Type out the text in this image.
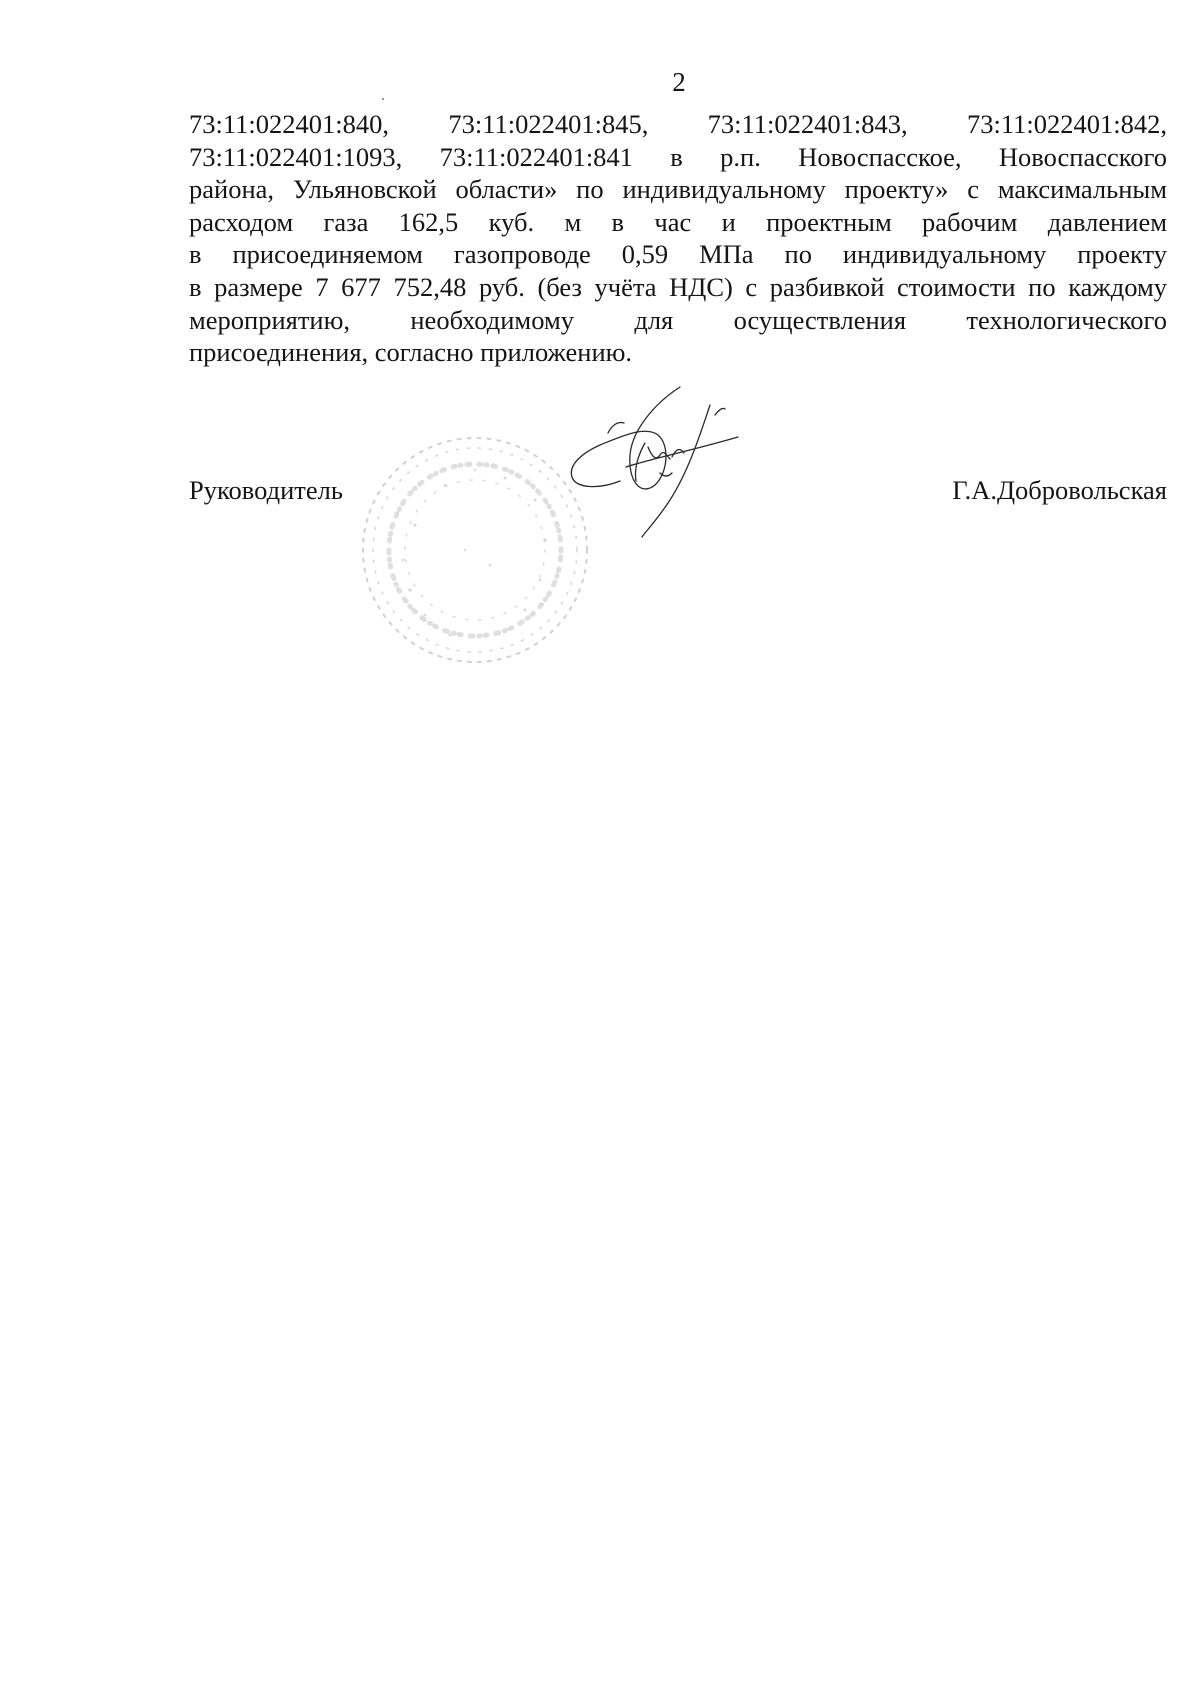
2
73:11:022401:840, 73:11:022401:845, 73:11:022401:843, 73:11:022401:842,
73:11:022401:1093, 73:11:022401:841 в р.п. Новоспасское, Новоспасского
района, Ульяновской области» по индивидуальному проекту» с максимальным
расходом газа 162,5 куб. м в час и проектным рабочим давлением
в присоединяемом газопроводе 0,59 МПа по индивидуальному проекту
в размере 7 677 752,48 руб. (без учёта НДС) с разбивкой стоимости по каждому
мероприятию, необходимому для осуществления технологического
присоединения, согласно приложению.
Руководитель	Г.А.Добровольская
